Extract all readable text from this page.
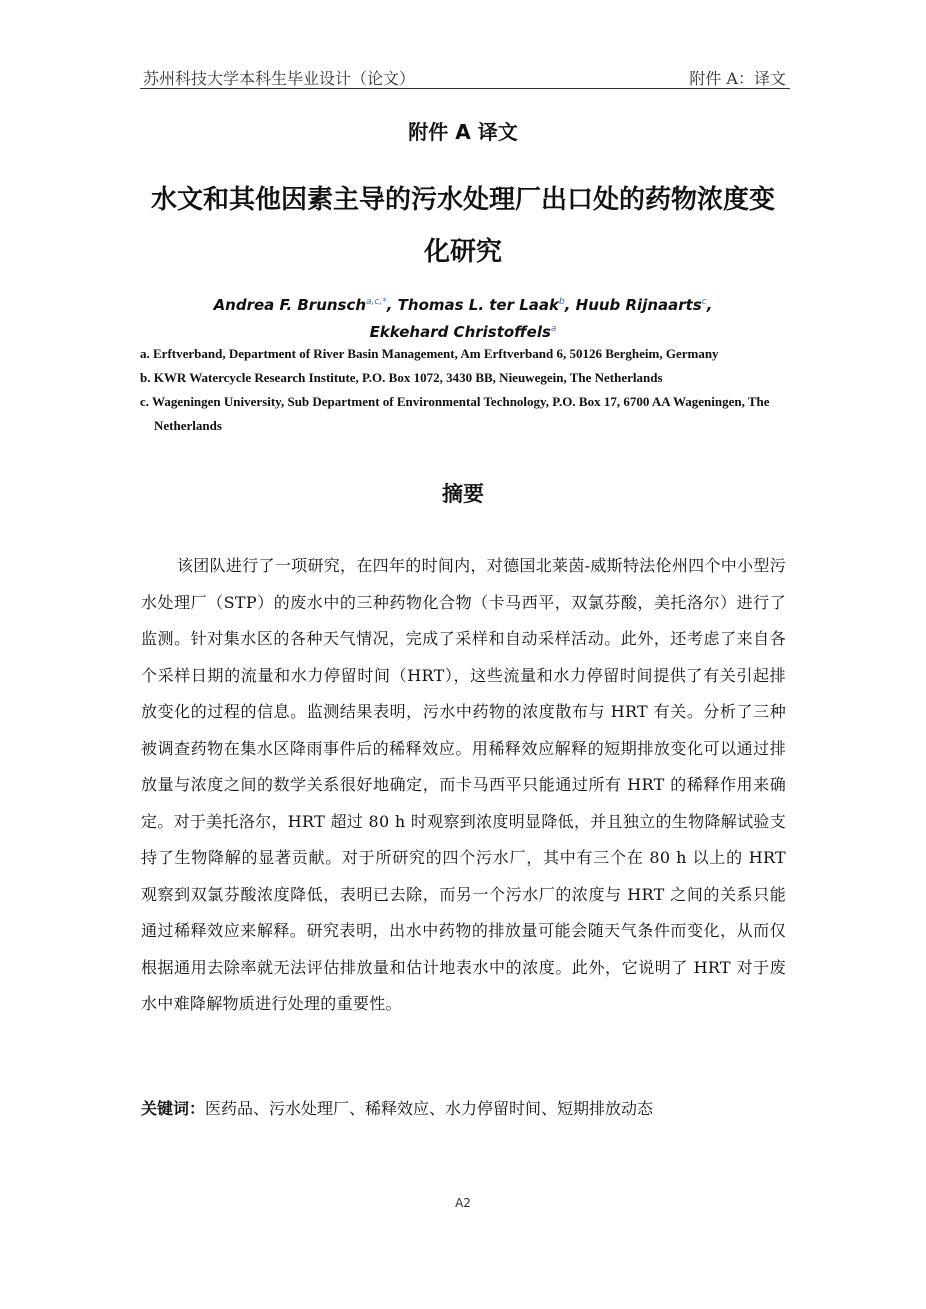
苏州科技大学本科生毕业设计（论文）	附件 A：译文
附件 A 译文
水文和其他因素主导的污水处理厂出口处的药物浓度变化研究
Andrea F. Brunsch$^{a,c,*}$, Thomas L. ter Laak$^b$, Huub Rijnaarts$^c$,
Ekkehard Christoffels$^a$
a. Erftverband, Department of River Basin Management, Am Erftverband 6, 50126 Bergheim, Germany
b. KWR Watercycle Research Institute, P.O. Box 1072, 3430 BB, Nieuwegein, The Netherlands
c. Wageningen University, Sub Department of Environmental Technology, P.O. Box 17, 6700 AA Wageningen, The Netherlands
摘要
该团队进行了一项研究，在四年的时间内，对德国北莱茵-威斯特法伦州四个中小型污水处理厂（STP）的废水中的三种药物化合物（卡马西平，双氯芬酸，美托洛尔）进行了监测。针对集水区的各种天气情况，完成了采样和自动采样活动。此外，还考虑了来自各个采样日期的流量和水力停留时间（HRT），这些流量和水力停留时间提供了有关引起排放变化的过程的信息。监测结果表明，污水中药物的浓度散布与 HRT 有关。分析了三种被调查药物在集水区降雨事件后的稀释效应。用稀释效应解释的短期排放变化可以通过排放量与浓度之间的数学关系很好地确定，而卡马西平只能通过所有 HRT 的稀释作用来确定。对于美托洛尔，HRT 超过 80 h 时观察到浓度明显降低，并且独立的生物降解试验支持了生物降解的显著贡献。对于所研究的四个污水厂，其中有三个在 80 h 以上的 HRT 观察到双氯芬酸浓度降低，表明已去除，而另一个污水厂的浓度与 HRT 之间的关系只能通过稀释效应来解释。研究表明，出水中药物的排放量可能会随天气条件而变化，从而仅根据通用去除率就无法评估排放量和估计地表水中的浓度。此外，它说明了 HRT 对于废水中难降解物质进行处理的重要性。
关键词：医药品、污水处理厂、稀释效应、水力停留时间、短期排放动态
A2
